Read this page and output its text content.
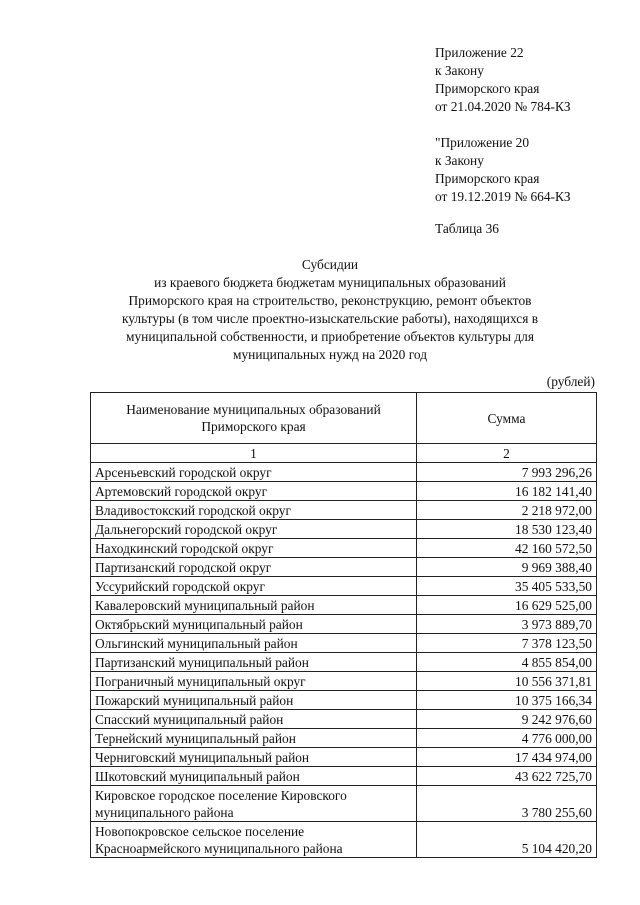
Приложение 22
к Закону
Приморского края
от 21.04.2020 № 784-КЗ
"Приложение 20
к Закону
Приморского края
от 19.12.2019 № 664-КЗ
Таблица 36
Субсидии
из краевого бюджета бюджетам муниципальных образований
Приморского края на строительство, реконструкцию, ремонт объектов
культуры (в том числе проектно-изыскательские работы), находящихся в
муниципальной собственности, и приобретение объектов культуры для
муниципальных нужд на 2020 год
(рублей)
Наименование муниципальных образований Приморского края	Сумма
1	2
Арсеньевский городской округ	7 993 296,26
Артемовский городской округ	16 182 141,40
Владивостокский городской округ	2 218 972,00
Дальнегорский городской округ	18 530 123,40
Находкинский городской округ	42 160 572,50
Партизанский городской округ	9 969 388,40
Уссурийский городской округ	35 405 533,50
Кавалеровский муниципальный район	16 629 525,00
Октябрьский муниципальный район	3 973 889,70
Ольгинский муниципальный район	7 378 123,50
Партизанский муниципальный район	4 855 854,00
Пограничный муниципальный округ	10 556 371,81
Пожарский муниципальный район	10 375 166,34
Спасский муниципальный район	9 242 976,60
Тернейский муниципальный район	4 776 000,00
Черниговский муниципальный район	17 434 974,00
Шкотовский муниципальный район	43 622 725,70
Кировское городское поселение Кировского муниципального района	3 780 255,60
Новопокровское сельское поселение Красноармейского муниципального района	5 104 420,20
